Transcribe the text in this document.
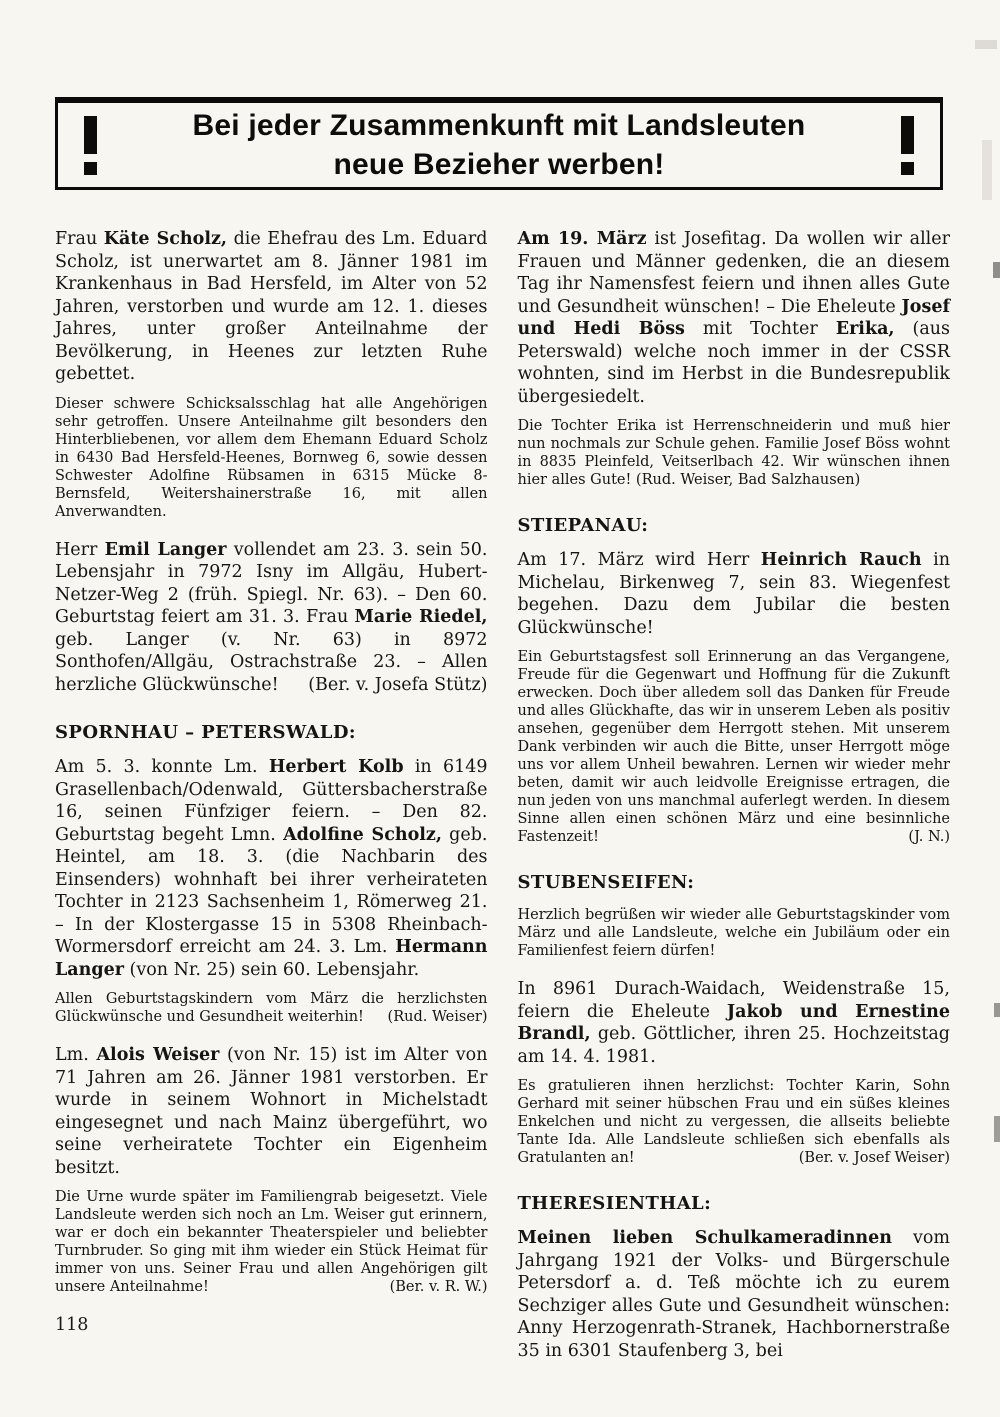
Bei jeder Zusammenkunft mit Landsleuten
neue Bezieher werben!

Frau Käte Scholz, die Ehefrau des Lm. Eduard Scholz, ist unerwartet am 8. Jänner 1981 im Krankenhaus in Bad Hersfeld, im Alter von 52 Jahren, verstorben und wurde am 12. 1. dieses Jahres, unter großer Anteilnahme der Bevölkerung, in Heenes zur letzten Ruhe gebettet.

Dieser schwere Schicksalsschlag hat alle Angehörigen sehr getroffen. Unsere Anteilnahme gilt besonders den Hinterbliebenen, vor allem dem Ehemann Eduard Scholz in 6430 Bad Hersfeld-Heenes, Bornweg 6, sowie dessen Schwester Adolfine Rübsamen in 6315 Mücke 8-Bernsfeld, Weitershainerstraße 16, mit allen Anverwandten.

Herr Emil Langer vollendet am 23. 3. sein 50. Lebensjahr in 7972 Isny im Allgäu, Hubert-Netzer-Weg 2 (früh. Spiegl. Nr. 63). – Den 60. Geburtstag feiert am 31. 3. Frau Marie Riedel, geb. Langer (v. Nr. 63) in 8972 Sonthofen/Allgäu, Ostrachstraße 23. – Allen herzliche Glückwünsche! (Ber. v. Josefa Stütz)

SPORNHAU – PETERSWALD:

Am 5. 3. konnte Lm. Herbert Kolb in 6149 Grasellenbach/Odenwald, Güttersbacherstraße 16, seinen Fünfziger feiern. – Den 82. Geburtstag begeht Lmn. Adolfine Scholz, geb. Heintel, am 18. 3. (die Nachbarin des Einsenders) wohnhaft bei ihrer verheirateten Tochter in 2123 Sachsenheim 1, Römerweg 21. – In der Klostergasse 15 in 5308 Rheinbach-Wormersdorf erreicht am 24. 3. Lm. Hermann Langer (von Nr. 25) sein 60. Lebensjahr.

Allen Geburtstagskindern vom März die herzlichsten Glückwünsche und Gesundheit weiterhin! (Rud. Weiser)

Lm. Alois Weiser (von Nr. 15) ist im Alter von 71 Jahren am 26. Jänner 1981 verstorben. Er wurde in seinem Wohnort in Michelstadt eingesegnet und nach Mainz übergeführt, wo seine verheiratete Tochter ein Eigenheim besitzt.

Die Urne wurde später im Familiengrab beigesetzt. Viele Landsleute werden sich noch an Lm. Weiser gut erinnern, war er doch ein bekannter Theaterspieler und beliebter Turnbruder. So ging mit ihm wieder ein Stück Heimat für immer von uns. Seiner Frau und allen Angehörigen gilt unsere Anteilnahme!	(Ber. v. R. W.)

Am 19. März ist Josefitag. Da wollen wir aller Frauen und Männer gedenken, die an diesem Tag ihr Namensfest feiern und ihnen alles Gute und Gesundheit wünschen! – Die Eheleute Josef und Hedi Böss mit Tochter Erika, (aus Peterswald) welche noch immer in der CSSR wohnten, sind im Herbst in die Bundesrepublik übergesiedelt.

Die Tochter Erika ist Herrenschneiderin und muß hier nun nochmals zur Schule gehen. Familie Josef Böss wohnt in 8835 Pleinfeld, Veitserlbach 42. Wir wünschen ihnen hier alles Gute! (Rud. Weiser, Bad Salzhausen)

STIEPANAU:

Am 17. März wird Herr Heinrich Rauch in Michelau, Birkenweg 7, sein 83. Wiegenfest begehen. Dazu dem Jubilar die besten Glückwünsche!

Ein Geburtstagsfest soll Erinnerung an das Vergangene, Freude für die Gegenwart und Hoffnung für die Zukunft erwecken. Doch über alledem soll das Danken für Freude und alles Glückhafte, das wir in unserem Leben als positiv ansehen, gegenüber dem Herrgott stehen. Mit unserem Dank verbinden wir auch die Bitte, unser Herrgott möge uns vor allem Unheil bewahren. Lernen wir wieder mehr beten, damit wir auch leidvolle Ereignisse ertragen, die nun jeden von uns manchmal auferlegt werden. In diesem Sinne allen einen schönen März und eine besinnliche Fastenzeit!	(J. N.)

STUBENSEIFEN:

Herzlich begrüßen wir wieder alle Geburtstagskinder vom März und alle Landsleute, welche ein Jubiläum oder ein Familienfest feiern dürfen!

In 8961 Durach-Waidach, Weidenstraße 15, feiern die Eheleute Jakob und Ernestine Brandl, geb. Göttlicher, ihren 25. Hochzeitstag am 14. 4. 1981.

Es gratulieren ihnen herzlichst: Tochter Karin, Sohn Gerhard mit seiner hübschen Frau und ein süßes kleines Enkelchen und nicht zu vergessen, die allseits beliebte Tante Ida. Alle Landsleute schließen sich ebenfalls als Gratulanten an!	(Ber. v. Josef Weiser)

THERESIENTHAL:

Meinen lieben Schulkameradinnen vom Jahrgang 1921 der Volks- und Bürgerschule Petersdorf a. d. Teß möchte ich zu eurem Sechziger alles Gute und Gesundheit wünschen: Anny Herzogenrath-Stranek, Hachbornerstraße 35 in 6301 Staufenberg 3, bei

118
